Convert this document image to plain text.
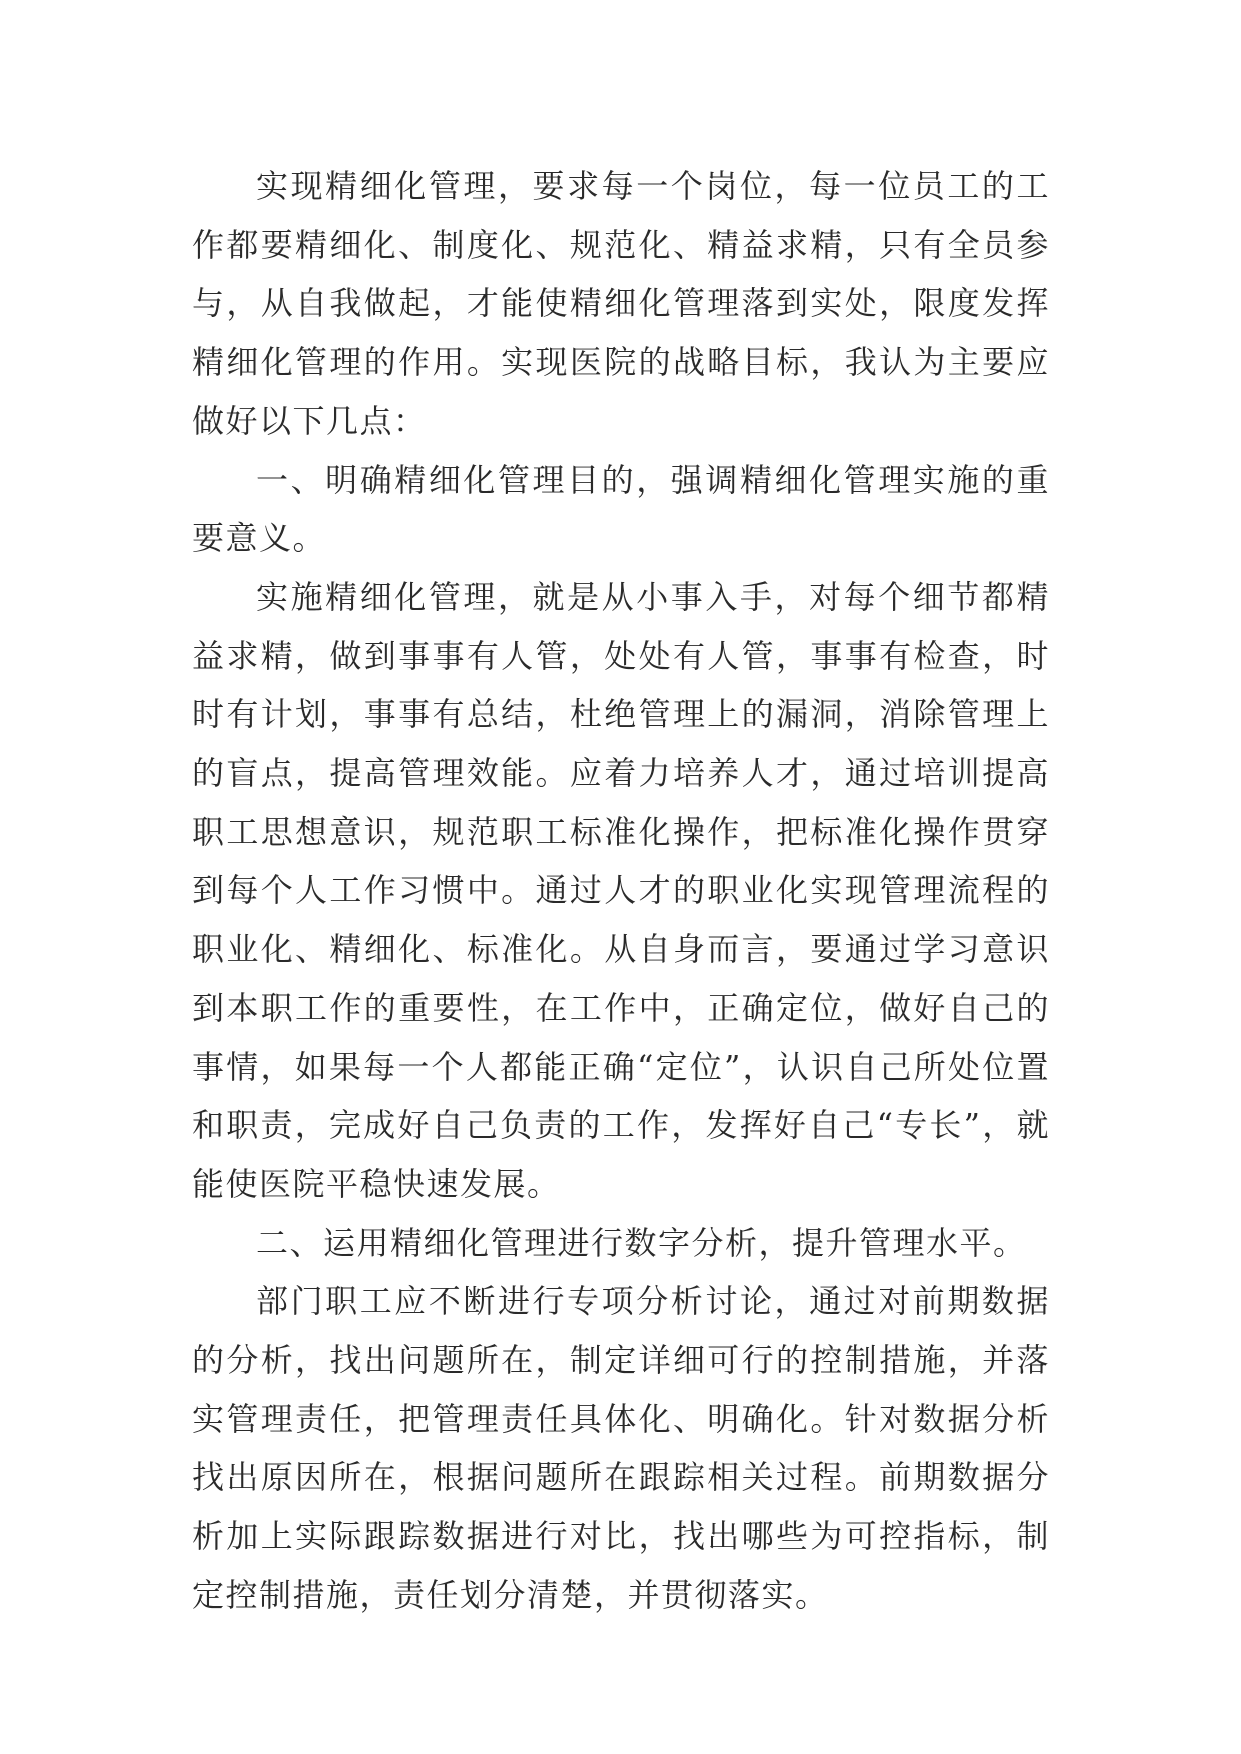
实现精细化管理，要求每一个岗位，每一位员工的工作都要精细化、制度化、规范化、精益求精，只有全员参与，从自我做起，才能使精细化管理落到实处，限度发挥精细化管理的作用。实现医院的战略目标，我认为主要应做好以下几点：

一、明确精细化管理目的，强调精细化管理实施的重要意义。

实施精细化管理，就是从小事入手，对每个细节都精益求精，做到事事有人管，处处有人管，事事有检查，时时有计划，事事有总结，杜绝管理上的漏洞，消除管理上的盲点，提高管理效能。应着力培养人才，通过培训提高职工思想意识，规范职工标准化操作，把标准化操作贯穿到每个人工作习惯中。通过人才的职业化实现管理流程的职业化、精细化、标准化。从自身而言，要通过学习意识到本职工作的重要性，在工作中，正确定位，做好自己的事情，如果每一个人都能正确“定位”，认识自己所处位置和职责，完成好自己负责的工作，发挥好自己“专长”，就能使医院平稳快速发展。

二、运用精细化管理进行数字分析，提升管理水平。

部门职工应不断进行专项分析讨论，通过对前期数据的分析，找出问题所在，制定详细可行的控制措施，并落实管理责任，把管理责任具体化、明确化。针对数据分析找出原因所在，根据问题所在跟踪相关过程。前期数据分析加上实际跟踪数据进行对比，找出哪些为可控指标，制定控制措施，责任划分清楚，并贯彻落实。
